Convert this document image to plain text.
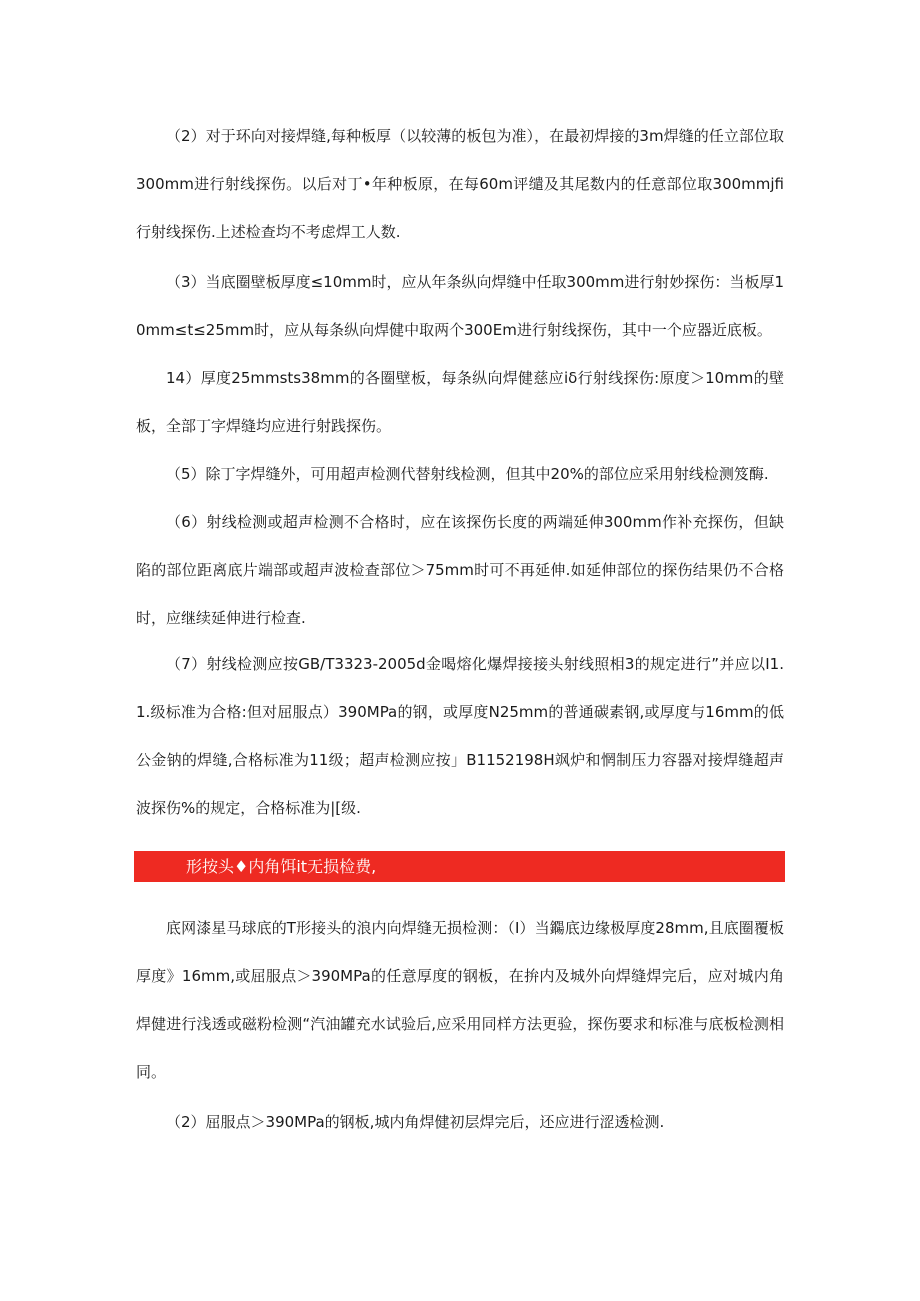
（2）对于环向对接焊缝,每种板厚（以较薄的板包为准），在最初焊接的3m焊缝的任立部位取300mm进行射线探伤。以后对丁•年种板原，在每60m评缱及其尾数内的任意部位取300mmjfi行射线探伤.上述检查均不考虑焊工人数.

（3）当底圈壁板厚度≤10mm时，应从年条纵向焊缝中任取300mm进行射妙探伤：当板厚10mm≤t≤25mm时，应从每条纵向焊健中取两个300Em进行射线探伤，其中一个应器近底板。

14）厚度25mmsts38mm的各圈壁板，每条纵向焊健慈应iδ行射线探伤:原度＞10mm的壁板，全部丁字焊缝均应进行射践探伤。

（5）除丁字焊缝外，可用超声检测代替射线检测，但其中20%的部位应采用射线检测笈酶.

（6）射线检测或超声检测不合格时，应在该探伤长度的两端延伸300mm作补充探伤，但缺陷的部位距离底片端部或超声波检查部位＞75mm时可不再延伸.如延伸部位的探伤结果仍不合格时，应继续延伸进行检查.

（7）射线检测应按GB/T3323-2005d金喝熔化爆焊接接头射线照相3的规定进行”并应以I1.1.级标准为合格:但对屈服点）390MPa的钢，或厚度N25mm的普通碳素钢,或厚度与16mm的低公金钠的焊缝,合格标准为11级；超声检测应按」B1152198H飒炉和惘制压力容器对接焊缝超声波探伤%的规定，合格标准为|[级.

形按头♦内角饵it无损检费,

底网漆星马球底的T形接头的浪内向焊缝无损检测：（I）当鐊底边缘极厚度28mm,且底圈覆板厚度》16mm,或屈服点＞390MPa的任意厚度的钢板，在拚内及城外向焊缝焊完后，应对城内角焊健进行浅透或磁粉检测“汽油罐充水试验后,应采用同样方法更验，探伤要求和标准与底板检测相同。

（2）屈服点＞390MPa的钢板,城内角焊健初层焊完后，还应进行涩透检测.
